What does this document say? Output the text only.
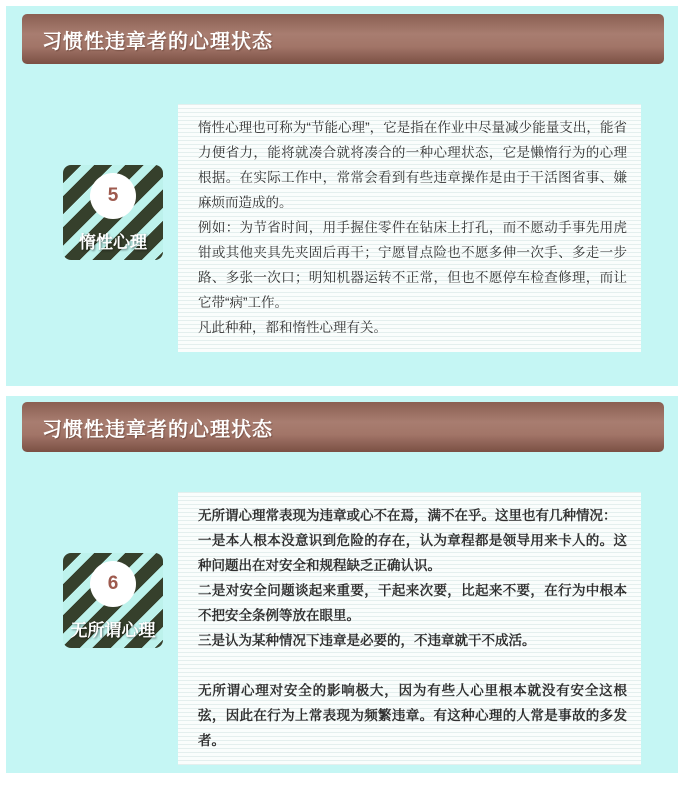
习惯性违章者的心理状态
5
惰性心理

惰性心理也可称为“节能心理”，它是指在作业中尽量减少能量支出，能省力便省力，能将就凑合就将凑合的一种心理状态，它是懒惰行为的心理根据。在实际工作中，常常会看到有些违章操作是由于干活图省事、嫌麻烦而造成的。

例如：为节省时间，用手握住零件在钻床上打孔，而不愿动手事先用虎钳或其他夹具先夹固后再干；宁愿冒点险也不愿多伸一次手、多走一步路、多张一次口；明知机器运转不正常，但也不愿停车检查修理，而让它带“病”工作。

凡此种种，都和惰性心理有关。

习惯性违章者的心理状态
6
无所谓心理

无所谓心理常表现为违章或心不在焉，满不在乎。这里也有几种情况：

一是本人根本没意识到危险的存在，认为章程都是领导用来卡人的。这种问题出在对安全和规程缺乏正确认识。

二是对安全问题谈起来重要，干起来次要，比起来不要，在行为中根本不把安全条例等放在眼里。

三是认为某种情况下违章是必要的，不违章就干不成活。

无所谓心理对安全的影响极大，因为有些人心里根本就没有安全这根弦，因此在行为上常表现为频繁违章。有这种心理的人常是事故的多发者。
